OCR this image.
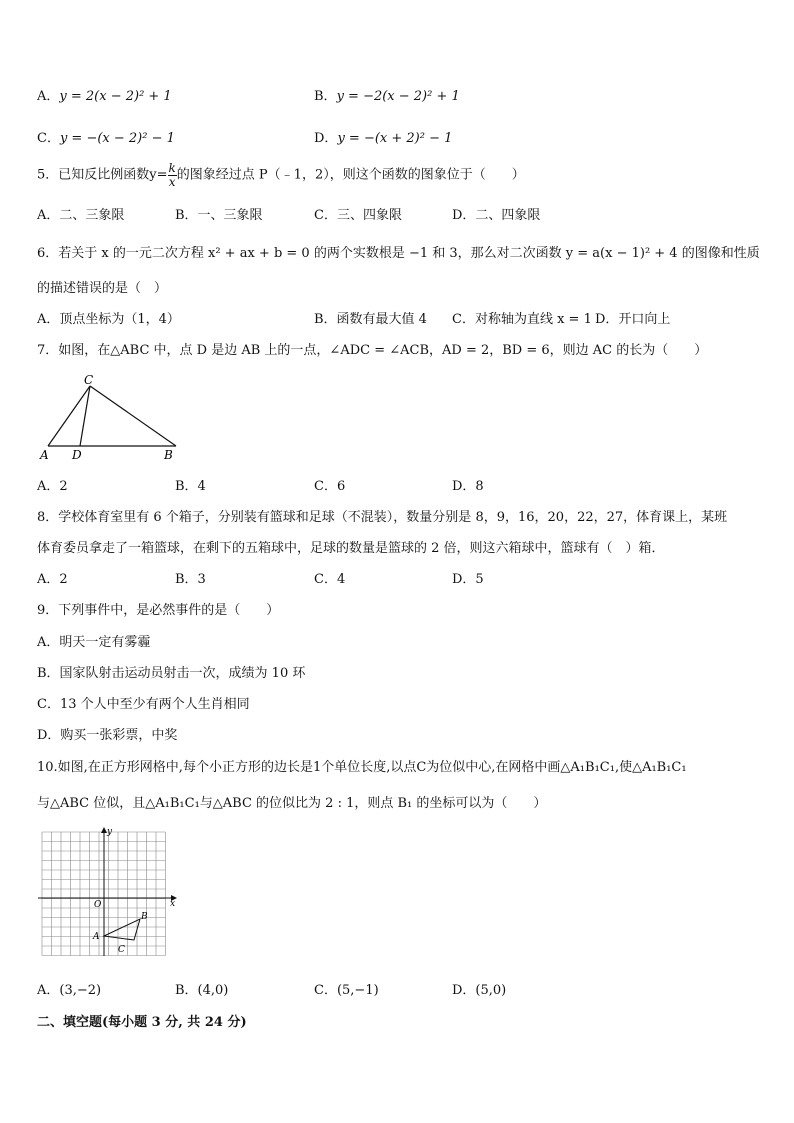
A．y = 2(x − 2)² + 1	B．y = −2(x − 2)² + 1
C．y = −(x − 2)² − 1	D．y = −(x + 2)² − 1
5．已知反比例函数$y= \frac{k}{x}$ 的图象经过点 P（﹣1，2），则这个函数的图象位于（　　）
A．二、三象限	B．一、三象限	C．三、四象限	D．二、四象限
6．若关于 x 的一元二次方程 x² + ax + b = 0 的两个实数根是 −1 和 3，那么对二次函数 y = a(x − 1)² + 4 的图像和性质
的描述错误的是（　）
A．顶点坐标为（1，4）	B．函数有最大值 4 C．对称轴为直线 x = 1 D．开口向上
7．如图，在△ABC 中，点 D 是边 AB 上的一点，∠ADC = ∠ACB，AD = 2，BD = 6，则边 AC 的长为（　　）
C
A D	B
A．2	B．4	C．6	D．8
8．学校体育室里有 6 个箱子，分别装有篮球和足球（不混装），数量分别是 8，9，16，20，22，27，体育课上，某班
体育委员拿走了一箱篮球，在剩下的五箱球中，足球的数量是篮球的 2 倍，则这六箱球中，篮球有（　）箱．
A．2	B．3	C．4	D．5
9．下列事件中，是必然事件的是（　　）
A．明天一定有雾霾
B．国家队射击运动员射击一次，成绩为 10 环
C．13 个人中至少有两个人生肖相同
D．购买一张彩票，中奖
10.如图,在正方形网格中,每个小正方形的边长是1个单位长度,以点C为位似中心,在网格中画△A₁B₁C₁,使△A₁B₁C₁
与△ABC 位似，且△A₁B₁C₁与△ABC 的位似比为 2 : 1，则点 B₁ 的坐标可以为（　　）
y
x
O
A
B
C
A．(3,−2)	B．(4,0)	C．(5,−1)	D．(5,0)
二、填空题(每小题 3 分, 共 24 分)
